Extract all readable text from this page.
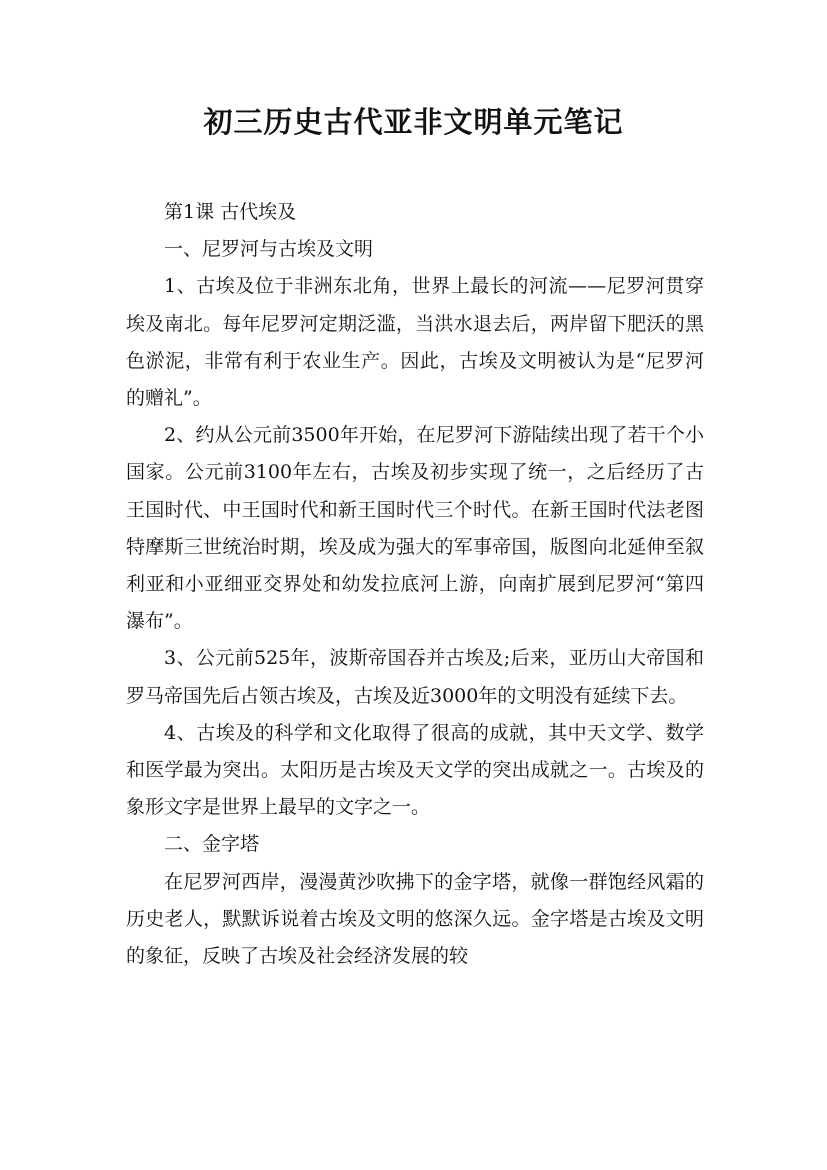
初三历史古代亚非文明单元笔记

第1课 古代埃及

一、尼罗河与古埃及文明

1、古埃及位于非洲东北角，世界上最长的河流——尼罗河贯穿埃及南北。每年尼罗河定期泛滥，当洪水退去后，两岸留下肥沃的黑色淤泥，非常有利于农业生产。因此，古埃及文明被认为是“尼罗河的赠礼”。

2、约从公元前3500年开始，在尼罗河下游陆续出现了若干个小国家。公元前3100年左右，古埃及初步实现了统一，之后经历了古王国时代、中王国时代和新王国时代三个时代。在新王国时代法老图特摩斯三世统治时期，埃及成为强大的军事帝国，版图向北延伸至叙利亚和小亚细亚交界处和幼发拉底河上游，向南扩展到尼罗河“第四瀑布”。

3、公元前525年，波斯帝国吞并古埃及;后来，亚历山大帝国和罗马帝国先后占领古埃及，古埃及近3000年的文明没有延续下去。

4、古埃及的科学和文化取得了很高的成就，其中天文学、数学和医学最为突出。太阳历是古埃及天文学的突出成就之一。古埃及的象形文字是世界上最早的文字之一。

二、金字塔

在尼罗河西岸，漫漫黄沙吹拂下的金字塔，就像一群饱经风霜的历史老人，默默诉说着古埃及文明的悠深久远。金字塔是古埃及文明的象征，反映了古埃及社会经济发展的较
